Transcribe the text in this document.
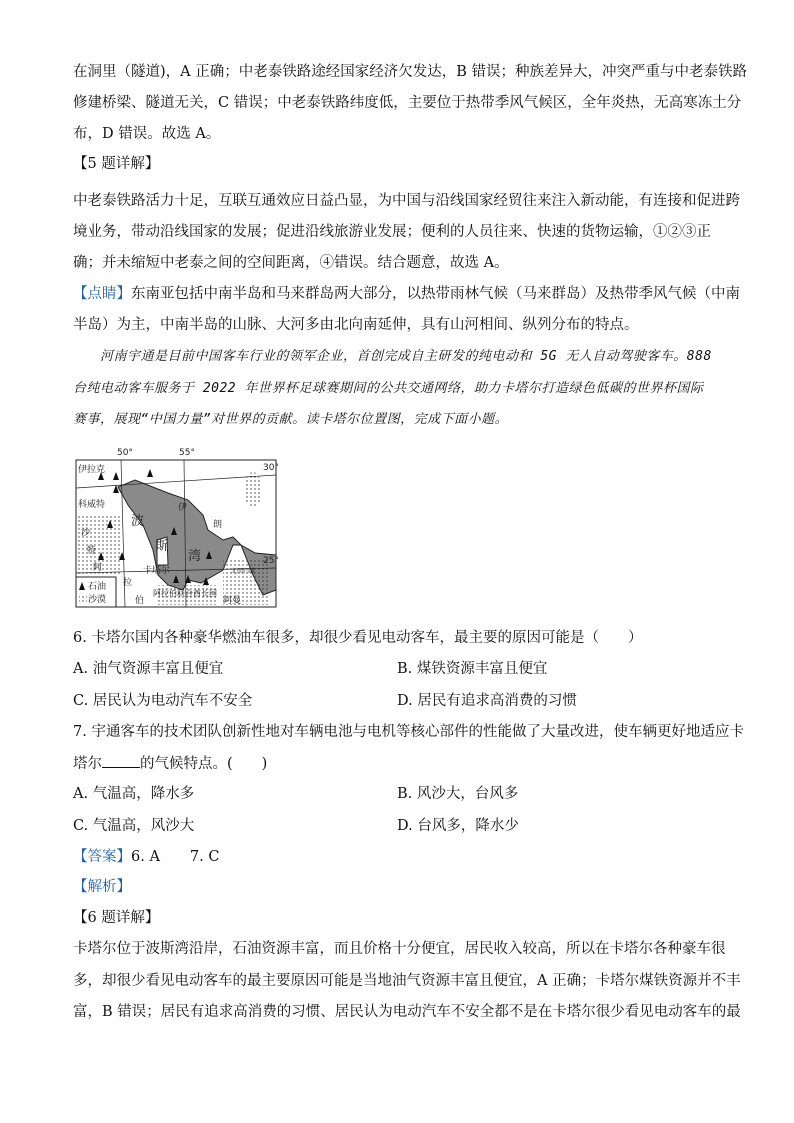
在洞里（隧道)，A 正确；中老泰铁路途经国家经济欠发达，B 错误；种族差异大，冲突严重与中老泰铁路
修建桥梁、隧道无关，C 错误；中老泰铁路纬度低，主要位于热带季风气候区，全年炎热，无高寒冻土分
布，D 错误。故选 A。
【5 题详解】
中老泰铁路活力十足，互联互通效应日益凸显，为中国与沿线国家经贸往来注入新动能，有连接和促进跨
境业务，带动沿线国家的发展；促进沿线旅游业发展；便利的人员往来、快速的货物运输，①②③正
确；并未缩短中老泰之间的空间距离，④错误。结合题意，故选 A。
【点睛】东南亚包括中南半岛和马来群岛两大部分，以热带雨林气候（马来群岛）及热带季风气候（中南
半岛）为主，中南半岛的山脉、大河多由北向南延伸，具有山河相间、纵列分布的特点。
河南宇通是目前中国客车行业的领军企业，首创完成自主研发的纯电动和 5G 无人自动驾驶客车。888
台纯电动客车服务于 2022 年世界杯足球赛期间的公共交通网络，助力卡塔尔打造绿色低碳的世界杯国际
赛事，展现“中国力量”对世界的贡献。读卡塔尔位置图，完成下面小题。
50°	55°
30°
25°
伊拉克
科威特	伊
朗
波
斯
湾
沙
特
阿
拉
伯
卡塔尔
阿拉伯联合酋长国
阿曼
北回归线
石油
沙漠
6. 卡塔尔国内各种豪华燃油车很多，却很少看见电动客车，最主要的原因可能是（　　）
A. 油气资源丰富且便宜	B. 煤铁资源丰富且便宜
C. 居民认为电动汽车不安全	D. 居民有追求高消费的习惯
7. 宇通客车的技术团队创新性地对车辆电池与电机等核心部件的性能做了大量改进，使车辆更好地适应卡
塔尔	的气候特点。(　　)
A. 气温高，降水多	B. 风沙大，台风多
C. 气温高，风沙大	D. 台风多，降水少
【答案】6. A 7. C
【解析】
【6 题详解】
卡塔尔位于波斯湾沿岸，石油资源丰富，而且价格十分便宜，居民收入较高，所以在卡塔尔各种豪车很
多，却很少看见电动客车的最主要原因可能是当地油气资源丰富且便宜，A 正确；卡塔尔煤铁资源并不丰
富，B 错误；居民有追求高消费的习惯、居民认为电动汽车不安全都不是在卡塔尔很少看见电动客车的最
